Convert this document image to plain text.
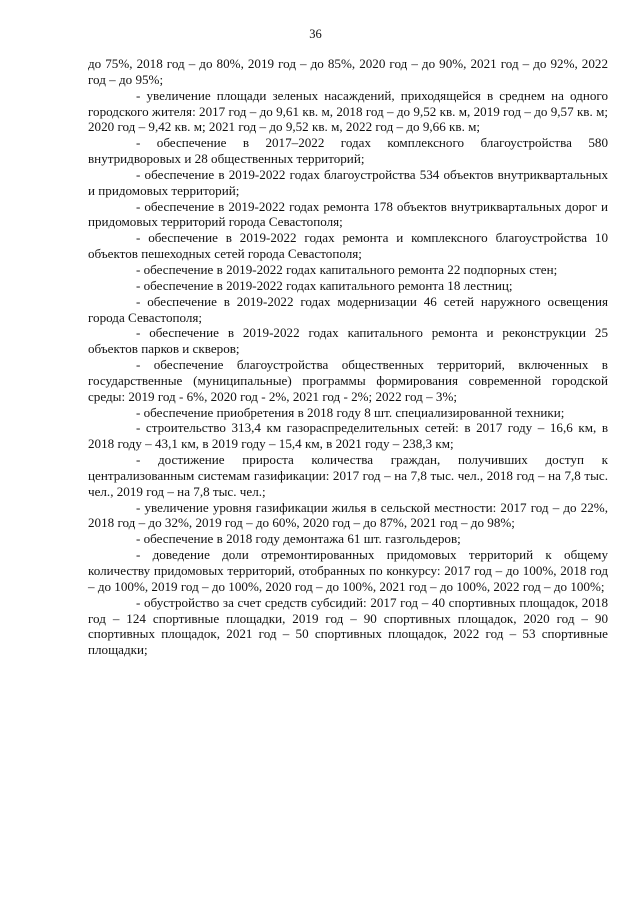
36

до 75%, 2018 год – до 80%, 2019 год – до 85%, 2020 год – до 90%, 2021 год – до 92%, 2022 год – до 95%;

- увеличение площади зеленых насаждений, приходящейся в среднем на одного городского жителя: 2017 год – до 9,61 кв. м, 2018 год – до 9,52 кв. м, 2019 год – до 9,57 кв. м; 2020 год – 9,42 кв. м; 2021 год – до 9,52 кв. м, 2022 год – до 9,66 кв. м;

- обеспечение в 2017–2022 годах комплексного благоустройства 580 внутридворовых и 28 общественных территорий;

- обеспечение в 2019-2022 годах благоустройства 534 объектов внутриквартальных и придомовых территорий;

- обеспечение в 2019-2022 годах ремонта 178 объектов внутриквартальных дорог и придомовых территорий города Севастополя;

- обеспечение в 2019-2022 годах ремонта и комплексного благоустройства 10 объектов пешеходных сетей города Севастополя;

- обеспечение в 2019-2022 годах капитального ремонта 22 подпорных стен;

- обеспечение в 2019-2022 годах капитального ремонта 18 лестниц;

- обеспечение в 2019-2022 годах модернизации 46 сетей наружного освещения города Севастополя;

- обеспечение в 2019-2022 годах капитального ремонта и реконструкции 25 объектов парков и скверов;

- обеспечение благоустройства общественных территорий, включенных в государственные (муниципальные) программы формирования современной городской среды: 2019 год - 6%, 2020 год - 2%, 2021 год - 2%; 2022 год – 3%;

- обеспечение приобретения в 2018 году 8 шт. специализированной техники;

- строительство 313,4 км газораспределительных сетей: в 2017 году – 16,6 км, в 2018 году – 43,1 км, в 2019 году – 15,4 км, в 2021 году – 238,3 км;

- достижение прироста количества граждан, получивших доступ к централизованным системам газификации: 2017 год – на 7,8 тыс. чел., 2018 год – на 7,8 тыс. чел., 2019 год – на 7,8 тыс. чел.;

- увеличение уровня газификации жилья в сельской местности: 2017 год – до 22%, 2018 год – до 32%, 2019 год – до 60%, 2020 год – до 87%, 2021 год – до 98%;

- обеспечение в 2018 году демонтажа 61 шт. газгольдеров;

- доведение доли отремонтированных придомовых территорий к общему количеству придомовых территорий, отобранных по конкурсу: 2017 год – до 100%, 2018 год – до 100%, 2019 год – до 100%, 2020 год – до 100%, 2021 год – до 100%, 2022 год – до 100%;

- обустройство за счет средств субсидий: 2017 год – 40 спортивных площадок, 2018 год – 124 спортивные площадки, 2019 год – 90 спортивных площадок, 2020 год – 90 спортивных площадок, 2021 год – 50 спортивных площадок, 2022 год – 53 спортивные площадки;
